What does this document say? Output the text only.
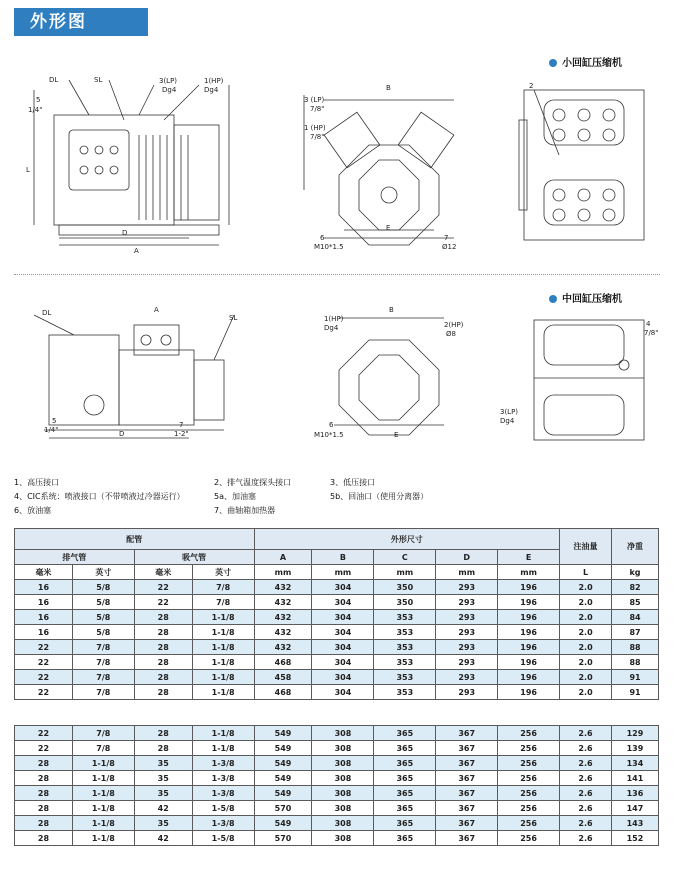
外形图
小回缸压缩机
中回缸压缩机
DL	SL	3(LP)
Dg4
1(HP)
Dg4
5
1/4"
L
D
A
B
3 (LP)
7/8"
1 (HP)
7/8"
E
6
M10*1.5
7
Ø12
2
DL	A
SL
5
1/4"	D
7
1-2"
B
1(HP)
Dg4	2(HP)
Ø8
6
M10*1.5	E
4
7/8"
3(LP)
Dg4
1、高压接口	2、排气温度探头接口	3、低压接口
4、CIC系统：喷液接口（不带喷液过冷器运行）	5a、加油塞	5b、回油口（使用分离器）
6、放油塞	7、曲轴箱加热器
配管				外形尺寸					注油量	净重
排气管		吸气管		A	B	C	D	E		
毫米	英寸	毫米	英寸	mm	mm	mm	mm	mm	L	kg
16	5/8	22	7/8	432	304	350	293	196	2.0	82
16	5/8	22	7/8	432	304	350	293	196	2.0	85
16	5/8	28	1-1/8	432	304	353	293	196	2.0	84
16	5/8	28	1-1/8	432	304	353	293	196	2.0	87
22	7/8	28	1-1/8	432	304	353	293	196	2.0	88
22	7/8	28	1-1/8	468	304	353	293	196	2.0	88
22	7/8	28	1-1/8	458	304	353	293	196	2.0	91
22	7/8	28	1-1/8	468	304	353	293	196	2.0	91
22	7/8	28	1-1/8	549	308	365	367	256	2.6	129
22	7/8	28	1-1/8	549	308	365	367	256	2.6	139
28	1-1/8	35	1-3/8	549	308	365	367	256	2.6	134
28	1-1/8	35	1-3/8	549	308	365	367	256	2.6	141
28	1-1/8	35	1-3/8	549	308	365	367	256	2.6	136
28	1-1/8	42	1-5/8	570	308	365	367	256	2.6	147
28	1-1/8	35	1-3/8	549	308	365	367	256	2.6	143
28	1-1/8	42	1-5/8	570	308	365	367	256	2.6	152
